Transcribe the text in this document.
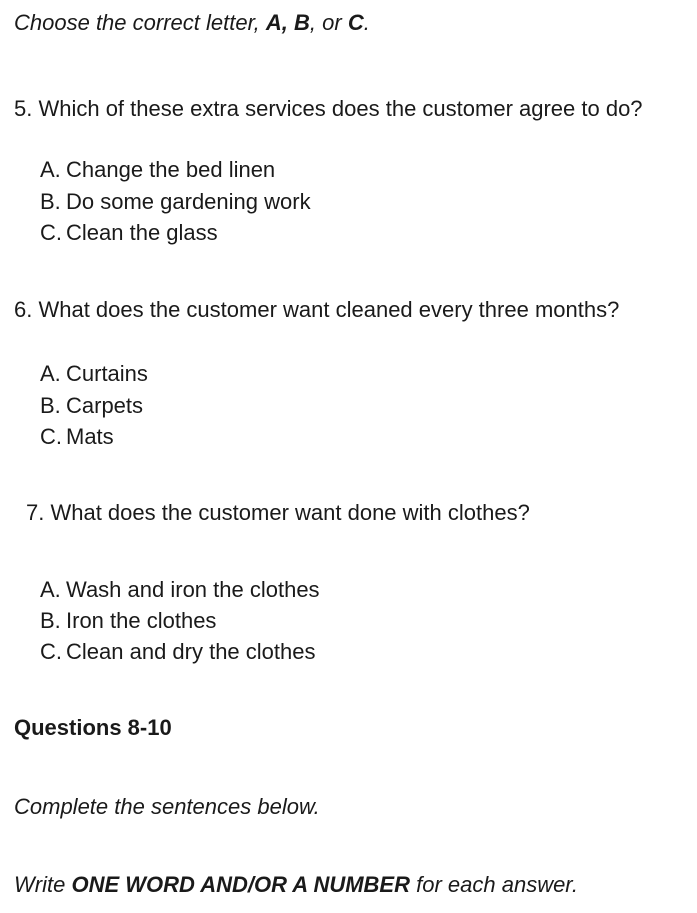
Choose the correct letter, A, B, or C.
5. Which of these extra services does the customer agree to do?
A. Change the bed linen
B. Do some gardening work
C. Clean the glass
6. What does the customer want cleaned every three months?
A. Curtains
B. Carpets
C. Mats
7. What does the customer want done with clothes?
A. Wash and iron the clothes
B. Iron the clothes
C. Clean and dry the clothes
Questions 8-10
Complete the sentences below.
Write ONE WORD AND/OR A NUMBER for each answer.
